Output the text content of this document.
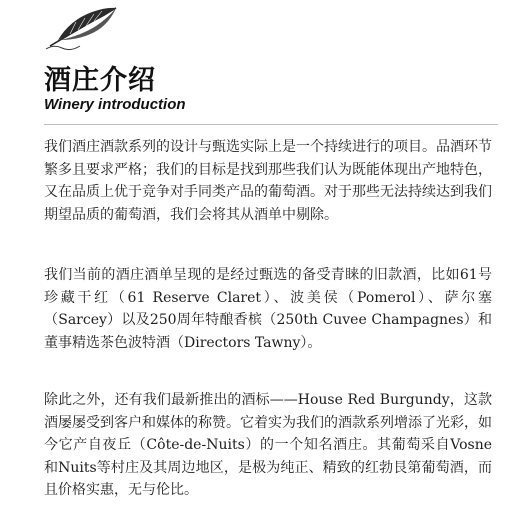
酒庄介绍
Winery introduction

我们酒庄酒款系列的设计与甄选实际上是一个持续进行的项目。品酒环节繁多且要求严格；我们的目标是找到那些我们认为既能体现出产地特色，又在品质上优于竞争对手同类产品的葡萄酒。对于那些无法持续达到我们期望品质的葡萄酒，我们会将其从酒单中剔除。

我们当前的酒庄酒单呈现的是经过甄选的备受青睐的旧款酒，比如61号珍藏干红（61 Reserve Claret）、波美侯（Pomerol）、萨尔塞（Sarcey）以及250周年特酿香槟（250th Cuvee Champagnes）和董事精选茶色波特酒（Directors Tawny）。

除此之外，还有我们最新推出的酒标——House Red Burgundy，这款酒屡屡受到客户和媒体的称赞。它着实为我们的酒款系列增添了光彩，如今它产自夜丘（Côte-de-Nuits）的一个知名酒庄。其葡萄采自Vosne和Nuits等村庄及其周边地区，是极为纯正、精致的红勃艮第葡萄酒，而且价格实惠，无与伦比。
